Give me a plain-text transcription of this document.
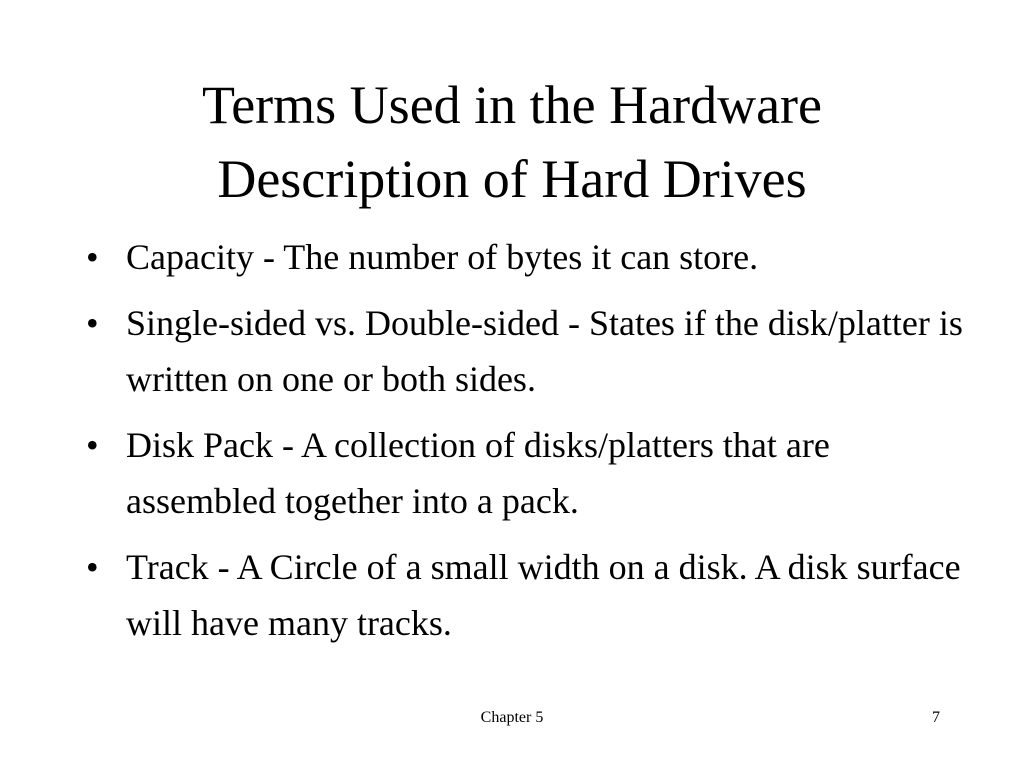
Terms Used in the Hardware
Description of Hard Drives
• Capacity - The number of bytes it can store.
• Single-sided vs. Double-sided - States if the disk/platter is written on one or both sides.
• Disk Pack - A collection of disks/platters that are assembled together into a pack.
• Track - A Circle of a small width on a disk. A disk surface will have many tracks.
Chapter 5	7
